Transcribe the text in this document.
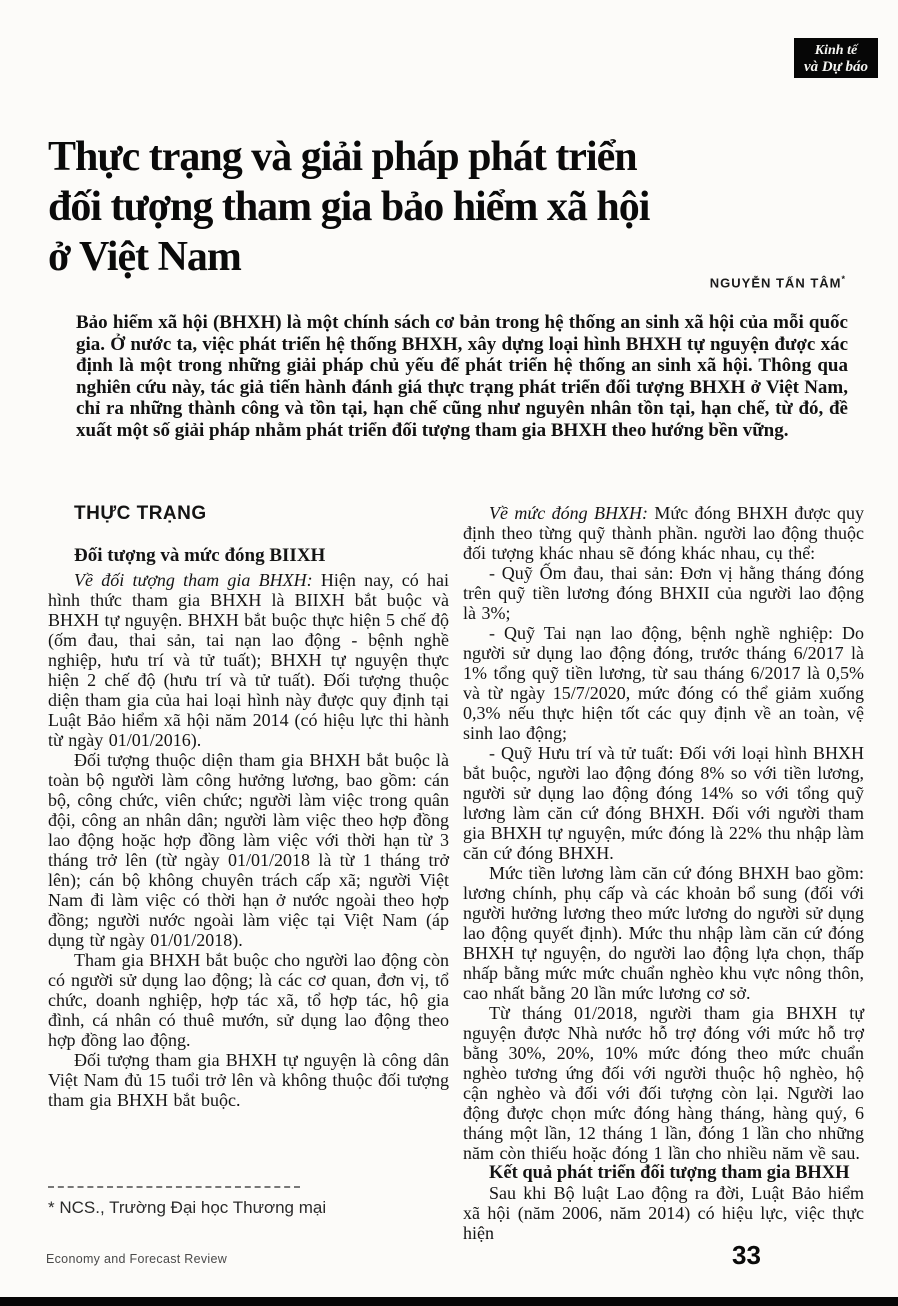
Kinh tế
và Dự báo
Thực trạng và giải pháp phát triển
đối tượng tham gia bảo hiểm xã hội
ở Việt Nam
NGUYỄN TẤN TÂM*
Bảo hiểm xã hội (BHXH) là một chính sách cơ bản trong hệ thống an sinh xã hội của mỗi quốc gia. Ở nước ta, việc phát triển hệ thống BHXH, xây dựng loại hình BHXH tự nguyện được xác định là một trong những giải pháp chủ yếu để phát triển hệ thống an sinh xã hội. Thông qua nghiên cứu này, tác giả tiến hành đánh giá thực trạng phát triển đối tượng BHXH ở Việt Nam, chỉ ra những thành công và tồn tại, hạn chế cũng như nguyên nhân tồn tại, hạn chế, từ đó, đề xuất một số giải pháp nhằm phát triển đối tượng tham gia BHXH theo hướng bền vững.
THỰC TRẠNG
Đối tượng và mức đóng BIIXH

Về đối tượng tham gia BHXH: Hiện nay, có hai hình thức tham gia BHXH là BIIXH bắt buộc và BHXH tự nguyện. BHXH bắt buộc thực hiện 5 chế độ (ốm đau, thai sản, tai nạn lao động - bệnh nghề nghiệp, hưu trí và tử tuất); BHXH tự nguyện thực hiện 2 chế độ (hưu trí và tử tuất). Đối tượng thuộc diện tham gia của hai loại hình này được quy định tại Luật Bảo hiểm xã hội năm 2014 (có hiệu lực thi hành từ ngày 01/01/2016).

Đối tượng thuộc diện tham gia BHXH bắt buộc là toàn bộ người làm công hưởng lương, bao gồm: cán bộ, công chức, viên chức; người làm việc trong quân đội, công an nhân dân; người làm việc theo hợp đồng lao động hoặc hợp đồng làm việc với thời hạn từ 3 tháng trở lên (từ ngày 01/01/2018 là từ 1 tháng trở lên); cán bộ không chuyên trách cấp xã; người Việt Nam đi làm việc có thời hạn ở nước ngoài theo hợp đồng; người nước ngoài làm việc tại Việt Nam (áp dụng từ ngày 01/01/2018).

Tham gia BHXH bắt buộc cho người lao động còn có người sử dụng lao động; là các cơ quan, đơn vị, tổ chức, doanh nghiệp, hợp tác xã, tổ hợp tác, hộ gia đình, cá nhân có thuê mướn, sử dụng lao động theo hợp đồng lao động.

Đối tượng tham gia BHXH tự nguyện là công dân Việt Nam đủ 15 tuổi trở lên và không thuộc đối tượng tham gia BHXH bắt buộc.

Về mức đóng BHXH: Mức đóng BHXH được quy định theo từng quỹ thành phần. người lao động thuộc đối tượng khác nhau sẽ đóng khác nhau, cụ thể:

- Quỹ Ốm đau, thai sản: Đơn vị hằng tháng đóng trên quỹ tiền lương đóng BHXII của người lao động là 3%;

- Quỹ Tai nạn lao động, bệnh nghề nghiệp: Do người sử dụng lao động đóng, trước tháng 6/2017 là 1% tổng quỹ tiền lương, từ sau tháng 6/2017 là 0,5% và từ ngày 15/7/2020, mức đóng có thể giảm xuống 0,3% nếu thực hiện tốt các quy định về an toàn, vệ sinh lao động;

- Quỹ Hưu trí và tử tuất: Đối với loại hình BHXH bắt buộc, người lao động đóng 8% so với tiền lương, người sử dụng lao động đóng 14% so với tổng quỹ lương làm căn cứ đóng BHXH. Đối với người tham gia BHXH tự nguyện, mức đóng là 22% thu nhập làm căn cứ đóng BHXH.

Mức tiền lương làm căn cứ đóng BHXH bao gồm: lương chính, phụ cấp và các khoản bổ sung (đối với người hưởng lương theo mức lương do người sử dụng lao động quyết định). Mức thu nhập làm căn cứ đóng BHXH tự nguyện, do người lao động lựa chọn, thấp nhấp bằng mức mức chuẩn nghèo khu vực nông thôn, cao nhất bằng 20 lần mức lương cơ sở.

Từ tháng 01/2018, người tham gia BHXH tự nguyện được Nhà nước hỗ trợ đóng với mức hỗ trợ bằng 30%, 20%, 10% mức đóng theo mức chuẩn nghèo tương ứng đối với người thuộc hộ nghèo, hộ cận nghèo và đối với đối tượng còn lại. Người lao động được chọn mức đóng hàng tháng, hàng quý, 6 tháng một lần, 12 tháng 1 lần, đóng 1 lần cho những năm còn thiếu hoặc đóng 1 lần cho nhiều năm về sau.

Kết quả phát triển đối tượng tham gia BHXH

Sau khi Bộ luật Lao động ra đời, Luật Bảo hiểm xã hội (năm 2006, năm 2014) có hiệu lực, việc thực hiện

* NCS., Trường Đại học Thương mại
Economy and Forecast Review	33
